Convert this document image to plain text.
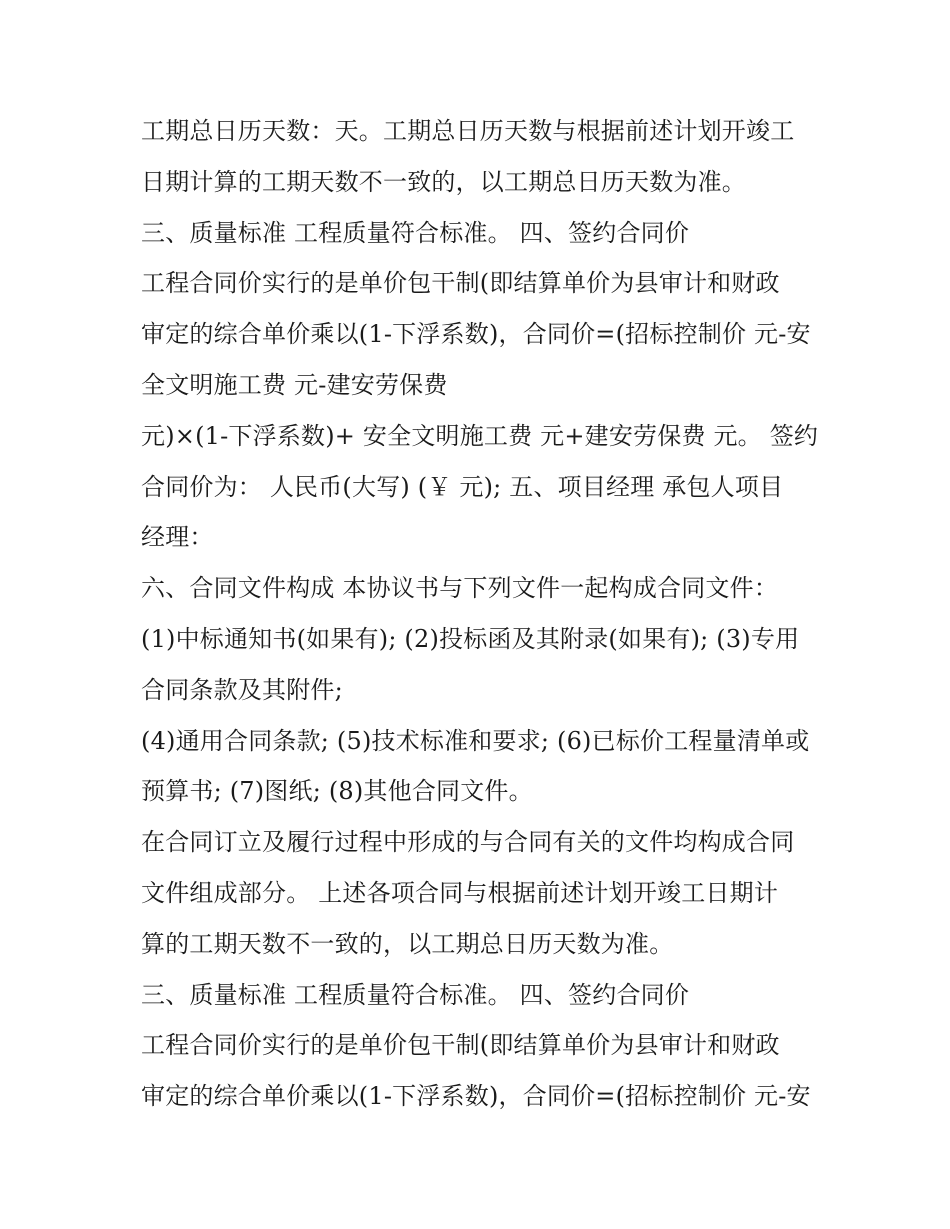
工期总日历天数：天。工期总日历天数与根据前述计划开竣工
日期计算的工期天数不一致的，以工期总日历天数为准。
三、质量标准 工程质量符合标准。 四、签约合同价
工程合同价实行的是单价包干制(即结算单价为县审计和财政
审定的综合单价乘以(1-下浮系数)，合同价=(招标控制价 元-安
全文明施工费 元-建安劳保费
元)×(1-下浮系数)+ 安全文明施工费 元+建安劳保费 元。 签约
合同价为： 人民币(大写) (￥ 元); 五、项目经理 承包人项目
经理：
六、合同文件构成 本协议书与下列文件一起构成合同文件：
(1)中标通知书(如果有); (2)投标函及其附录(如果有); (3)专用
合同条款及其附件;
(4)通用合同条款; (5)技术标准和要求; (6)已标价工程量清单或
预算书; (7)图纸; (8)其他合同文件。
在合同订立及履行过程中形成的与合同有关的文件均构成合同
文件组成部分。 上述各项合同与根据前述计划开竣工日期计
算的工期天数不一致的，以工期总日历天数为准。
三、质量标准 工程质量符合标准。 四、签约合同价
工程合同价实行的是单价包干制(即结算单价为县审计和财政
审定的综合单价乘以(1-下浮系数)，合同价=(招标控制价 元-安
